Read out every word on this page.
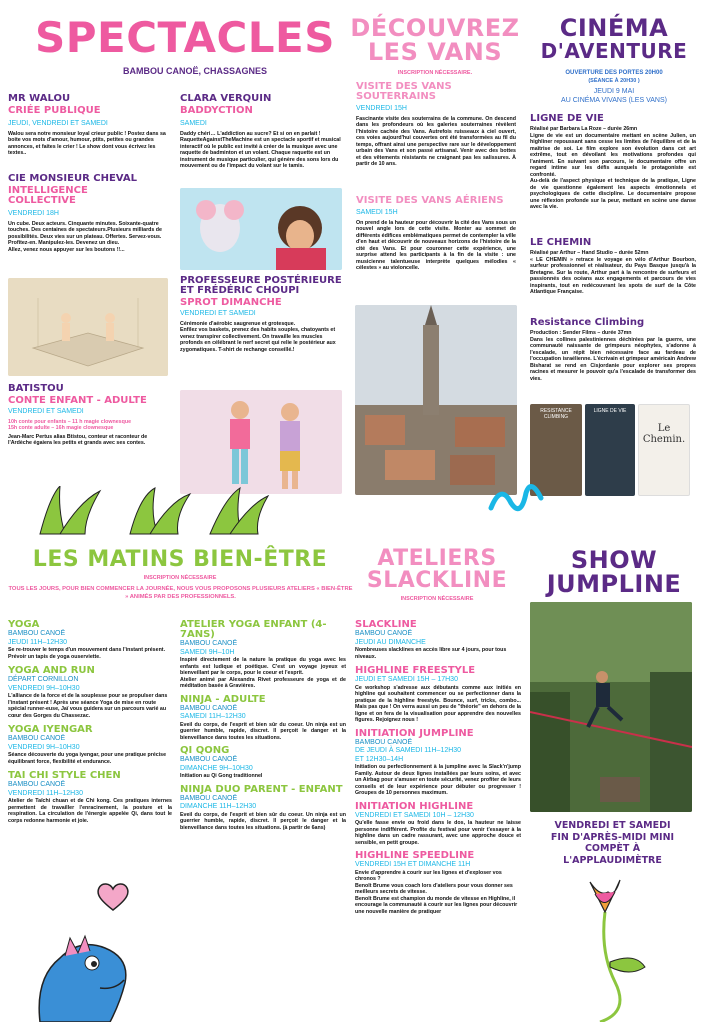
SPECTACLES
BAMBOU CANOË, CHASSAGNES
MR WALOU
CRIÉE PUBLIQUE
JEUDI, VENDREDI ET SAMEDI
Walou sera notre monsieur loyal crieur public ! Postez dans sa boite vos mots d'amour, humour, ptits, petites ou grandes annonces, et faites le crier ! Le show dont vous écrivez les textes..
CIE MONSIEUR CHEVAL
INTELLIGENCE COLLECTIVE
VENDREDI 18H
Un cube. Deux acteurs. Cinquante minutes. Soixante-quatre touches. Des centaines de spectateurs.Plusieurs milliards de possibilités. Deux vies sur un plateau. Offertes. Servez-vous. Profitez-en. Manipulez-les. Devenez un dieu.
Allez, venez nous appuyer sur les boutons !!...
BATISTOU
CONTE ENFANT - ADULTE
VENDREDI ET SAMEDI
10h conte pour enfants – 11 h magie clownesque
15h conte adulte – 16h magie clownesque
Jean-Marc Pertus alias Btistou, conteur et raconteur de l'Ardèche égaiera les petits et grands avec ses contes.
CLARA VERQUIN
BADDYCTION
SAMEDI
Daddy chéri… L'addiction au sucre? Et si on en parlait ! RaquetteAgainstTheMachine est un spectacle sportif et musical interactif où le public est invité à créer de la musique avec une raquette de badminton et un volant. Chaque raquette est un instrument de musique particulier, qui génère des sons lors du mouvement ou de l'impact du volant sur le tamis.
PROFESSEURE POSTÉRIEURE ET FRÉDÉRIC CHOUPI
SPROT DIMANCHE
VENDREDI ET SAMEDI
Cérémonie d'aérobic saugrenue et grotesque.
Enfilez vos baskets, prenez des habits souples, chatoyants et venez transpirer collectivement. On travaille les muscles profonds en célébrant le nerf secret qui relie le postérieur aux zygomatiques. T-shirt de rechange conseillé.!
DÉCOUVREZ
LES VANS
INSCRIPTION NÉCESSAIRE.
VISITE DES VANS SOUTERRAINS
VENDREDI 15H
Fascinante visite des souterrains de la commune. On descend dans les profondeurs où les galeries souterraines révèlent l'histoire cachée des Vans. Autrefois ruisseaux à ciel ouvert, ces voies aujourd'hui couvertes ont été transformées au fil du temps, offrant ainsi une perspective rare sur le développement urbain des Vans et son passé artisanal. Venir avec des bottes et des vêtements résistants ne craignant pas les salissures. À partir de 10 ans.
VISITE DES VANS AÉRIENS
SAMEDI 15H
On prend de la hauteur pour découvrir la cité des Vans sous un nouvel angle lors de cette visite. Monter au sommet de différents édifices emblématiques permet de contempler la ville d'en haut et découvrir de nouveaux horizons de l'histoire de la cité des Vans. Et pour couronner cette expérience, une surprise attend les participants à la fin de la visite : une musicienne talentueuse interprète quelques mélodies « célestes » au violoncelle.
CINÉMA
D'AVENTURE
OUVERTURE DES PORTES 20H00
(SÉANCE À 20H30 )
JEUDI 9 MAI
AU CINÉMA VIVANS (LES VANS)
LIGNE DE VIE
Réalisé par Barbara La Roze – durée 26mn
Ligne de vie est un documentaire mettant en scène Julien, un highliner repoussant sans cesse les limites de l'équilibre et de la maîtrise de soi. Le film explore son évolution dans cet art extrême, tout en dévoilant les motivations profondes qui l'animent. En suivant son parcours, le documentaire offre un regard intime sur les défis auxquels le protagoniste est confronté.
Au-delà de l'aspect physique et technique de la pratique, Ligne de vie questionne également les aspects émotionnels et psychologiques de cette discipline. Le documentaire propose une réflexion profonde sur la peur, mettant en scène une danse avec la vie.
LE CHEMIN
Réalisé par Arthur – Hand Studio – durée 52mn
« LE CHEMIN » retrace le voyage en vélo d'Arthur Bourbon, surfeur professionnel et réalisateur, du Pays Basque jusqu'à la Bretagne. Sur la route, Arthur part à la rencontre de surfeurs et passionnés des océans aux engagements et parcours de vies inspirants, tout en redécouvrant les spots de surf de la Côte Atlantique Française.
Resistance Climbing
Production : Sender Films – durée 37mn
Dans les collines palestiniennes déchirées par la guerre, une communauté naissante de grimpeurs néophytes, s'adonne à l'escalade, un répit bien nécessaire face au fardeau de l'occupation israélienne. L'écrivain et grimpeur américain Andrew Bisharat se rend en Cisjordanie pour explorer ses propres racines et mesurer le pouvoir qu'a l'escalade de transformer des vies.
RESISTANCE CLIMBING
LIGNE DE VIE
Le Chemin.
LES MATINS BIEN-ÊTRE
INSCRIPTION NÉCESSAIRE
TOUS LES JOURS, POUR BIEN COMMENCER LA JOURNÉE, NOUS VOUS PROPOSONS PLUSIEURS ATELIERS « BIEN-ÊTRE » ANIMÉS PAR DES PROFESSIONNELS.
YOGA
BAMBOU CANOË
JEUDI 11H–12H30
Se re-trouver le temps d'un mouvement dans l'instant présent.
Prévoir un tapis de yoga ouserviette.
YOGA AND RUN
DÉPART CORNILLON
VENDREDI 9H–10H30
L'alliance de la force et de la souplesse pour se propulser dans l'instant présent ! Après une séance Yoga de mise en route spécial runner-euse, Jaï vous guidera sur un parcours varié au cœur des Gorges du Chassezac.
YOGA IYENGAR
BAMBOU CANOË
VENDREDI 9H–10H30
Séance découverte du yoga iyengar, pour une pratique précise équilibrant force, flexibilité et endurance.
TAI CHI STYLE CHEN
BAMBOU CANOË
VENDREDI 11H–12H30
Atelier de Taïchi chuan et de Chi kong. Ces pratiques internes permettent de travailler l'enracinement, la posture et la respiration. La circulation de l'énergie appelée Qi, dans tout le corps redonne harmonie et joie.
ATELIER YOGA ENFANT (4-7ANS)
BAMBOU CANOË
SAMEDI 9H–10H
Inspiré directement de la nature la pratique du yoga avec les enfants est ludique et poétique. C'est un voyage joyeux et bienveillant par le corps, pour le coeur et l'esprit.
Atelier animé par Alexandra Rivet professeure de yoga et de méditation basée à Gravières.
NINJA - ADULTE
BAMBOU CANOË
SAMEDI 11H–12H30
Eveil du corps, de l'esprit et bien sûr du coeur. Un ninja est un guerrier humble, rapide, discret. Il perçoit le danger et la bienveillance dans toutes les situations.
QI QONG
BAMBOU CANOË
DIMANCHE 9H–10H30
Initiation au Qi Gong traditionnel
NINJA DUO PARENT - ENFANT
BAMBOU CANOË
DIMANCHE 11H–12H30
Eveil du corps, de l'esprit et bien sûr du coeur. Un ninja est un guerrier humble, rapide, discret. Il perçoit le danger et la bienveillance dans toutes les situations. (à partir de 6ans)
ATELIERS
SLACKLINE
INSCRIPTION NÉCESSAIRE
SLACKLINE
BAMBOU CANOË
JEUDI AU DIMANCHE
Nombreuses slacklines en accès libre sur 4 jours, pour tous niveaux.
HIGHLINE FREESTYLE
JEUDI ET SAMEDI 15H – 17H30
Ce workshop s'adresse aux débutants comme aux initiés en highline qui souhaitent commencer ou se perfectionner dans la pratique de la highline freestyle. Bounce, surf, tricks, combo... Mais pas que ! On verra aussi un peu de "théorie" en dehors de la ligne et on fera de la visualisation pour apprendre des nouvelles figures. Rejoignez nous !
INITIATION JUMPLINE
BAMBOU CANOË
DE JEUDI À SAMEDI 11H–12H30
ET 12H30–14H
Initiation ou perfectionnement à la jumpline avec la Slack'n'jump Family. Autour de deux lignes installées par leurs soins, et avec un Airbag pour s'amuser en toute sécurité, venez profiter de leurs conseils et de leur expérience pour débuter ou progresser ! Groupes de 10 personnes maximum.
INITIATION HIGHLINE
VENDREDI ET SAMEDI 10H – 12H30
Qu'elle fasse envie ou froid dans le dos, la hauteur ne laisse personne indifférent. Profite du festival pour venir t'essayer à la highline dans un cadre rassurant, avec une approche douce et sensible, en petit groupe.
HIGHLINE SPEEDLINE
VENDREDI 15H ET DIMANCHE 11H
Envie d'apprendre à courir sur les lignes et d'exploser vos chronos ?
Benoît Brume vous coach lors d'ateliers pour vous donner ses meilleurs secrets de vitesse.
Benoît Brume est champion du monde de vitesse en Highline, il encourage la communauté à courir sur les lignes pour découvrir une nouvelle manière de pratiquer
SHOW
JUMPLINE
VENDREDI ET SAMEDI FIN D'APRÈS-MIDI MINI COMPÈT À L'APPLAUDIMÈTRE
